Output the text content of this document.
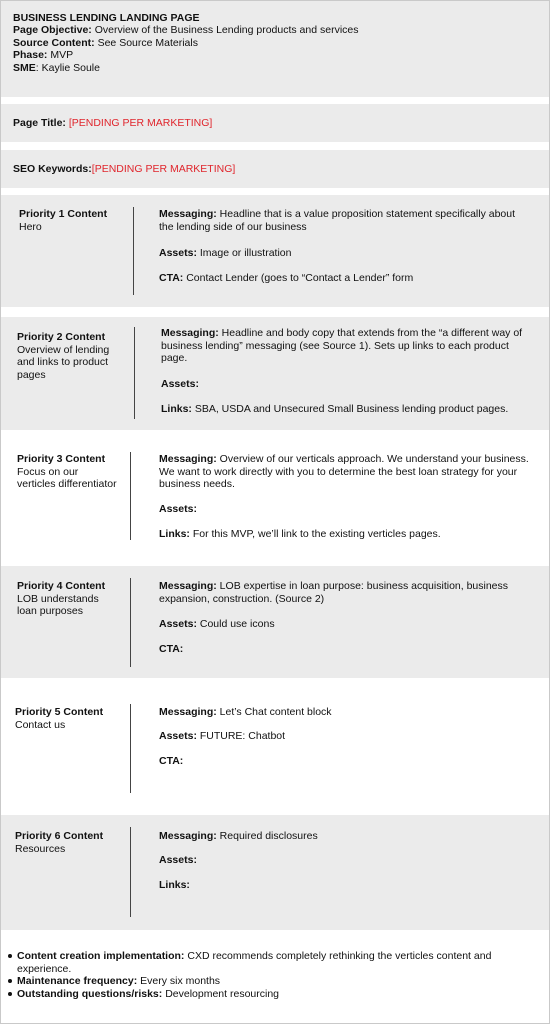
BUSINESS LENDING LANDING PAGE
Page Objective: Overview of the Business Lending products and services
Source Content: See Source Materials
Phase: MVP
SME: Kaylie Soule
Page Title: [PENDING PER MARKETING]
SEO Keywords:[PENDING PER MARKETING]
Priority 1 Content
Hero
Messaging: Headline that is a value proposition statement specifically about the lending side of our business
Assets: Image or illustration
CTA: Contact Lender (goes to “Contact a Lender” form
Priority 2 Content
Overview of lending and links to product pages
Messaging: Headline and body copy that extends from the “a different way of business lending” messaging (see Source 1). Sets up links to each product page.
Assets:
Links: SBA, USDA and Unsecured Small Business lending product pages.
Priority 3 Content
Focus on our verticles differentiator
Messaging: Overview of our verticals approach. We understand your business. We want to work directly with you to determine the best loan strategy for your business needs.
Assets:
Links: For this MVP, we’ll link to the existing verticles pages.
Priority 4 Content
LOB understands loan purposes
Messaging: LOB expertise in loan purpose: business acquisition, business expansion, construction. (Source 2)
Assets: Could use icons
CTA:
Priority 5 Content
Contact us
Messaging: Let’s Chat content block
Assets: FUTURE: Chatbot
CTA:
Priority 6 Content
Resources
Messaging: Required disclosures
Assets:
Links:
Content creation implementation: CXD recommends completely rethinking the verticles content and experience.
Maintenance frequency: Every six months
Outstanding questions/risks: Development resourcing
